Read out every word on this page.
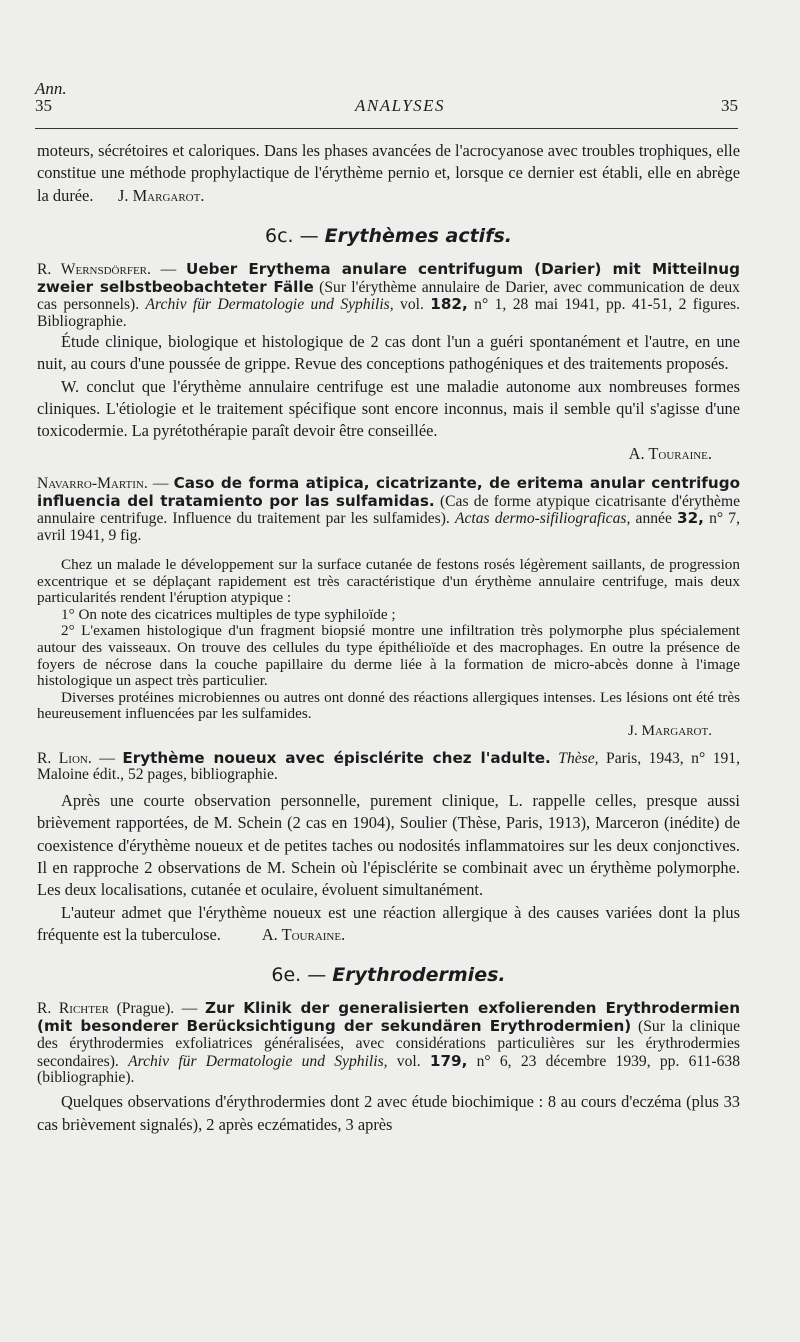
Ann.
35	ANALYSES	35

moteurs, sécrétoires et caloriques. Dans les phases avancées de l'acrocyanose avec troubles trophiques, elle constitue une méthode prophylactique de l'érythème pernio et, lorsque ce dernier est établi, elle en abrège la durée. J. Margarot.

6c. — Erythèmes actifs.

R. Wernsdörfer. — Ueber Erythema anulare centrifugum (Darier) mit Mitteilnug zweier selbstbeobachteter Fälle (Sur l'érythème annulaire de Darier, avec communication de deux cas personnels). Archiv für Dermatologie und Syphilis, vol. 182, n° 1, 28 mai 1941, pp. 41-51, 2 figures. Bibliographie.

Étude clinique, biologique et histologique de 2 cas dont l'un a guéri spontanément et l'autre, en une nuit, au cours d'une poussée de grippe. Revue des conceptions pathogéniques et des traitements proposés.

W. conclut que l'érythème annulaire centrifuge est une maladie autonome aux nombreuses formes cliniques. L'étiologie et le traitement spécifique sont encore inconnus, mais il semble qu'il s'agisse d'une toxicodermie. La pyrétothérapie paraît devoir être conseillée.

A. Touraine.

Navarro-Martin. — Caso de forma atipica, cicatrizante, de eritema anular centrifugo influencia del tratamiento por las sulfamidas. (Cas de forme atypique cicatrisante d'érythème annulaire centrifuge. Influence du traitement par les sulfamides). Actas dermo-sifiliograficas, année 32, n° 7, avril 1941, 9 fig.

Chez un malade le développement sur la surface cutanée de festons rosés légèrement saillants, de progression excentrique et se déplaçant rapidement est très caractéristique d'un érythème annulaire centrifuge, mais deux particularités rendent l'éruption atypique :

1° On note des cicatrices multiples de type syphiloïde ;

2° L'examen histologique d'un fragment biopsié montre une infiltration très polymorphe plus spécialement autour des vaisseaux. On trouve des cellules du type épithélioïde et des macrophages. En outre la présence de foyers de nécrose dans la couche papillaire du derme liée à la formation de micro-abcès donne à l'image histologique un aspect très particulier.

Diverses protéines microbiennes ou autres ont donné des réactions allergiques intenses. Les lésions ont été très heureusement influencées par les sulfamides.

J. Margarot.

R. Lion. — Erythème noueux avec épisclérite chez l'adulte. Thèse, Paris, 1943, n° 191, Maloine édit., 52 pages, bibliographie.

Après une courte observation personnelle, purement clinique, L. rappelle celles, presque aussi brièvement rapportées, de M. Schein (2 cas en 1904), Soulier (Thèse, Paris, 1913), Marceron (inédite) de coexistence d'érythème noueux et de petites taches ou nodosités inflammatoires sur les deux conjonctives. Il en rapproche 2 observations de M. Schein où l'épisclérite se combinait avec un érythème polymorphe. Les deux localisations, cutanée et oculaire, évoluent simultanément.

L'auteur admet que l'érythème noueux est une réaction allergique à des causes variées dont la plus fréquente est la tuberculose. A. Touraine.

6e. — Erythrodermies.

R. Richter (Prague). — Zur Klinik der generalisierten exfolierenden Erythrodermien (mit besonderer Berücksichtigung der sekundären Erythrodermien) (Sur la clinique des érythrodermies exfoliatrices généralisées, avec considérations particulières sur les érythrodermies secondaires). Archiv für Dermatologie und Syphilis, vol. 179, n° 6, 23 décembre 1939, pp. 611-638 (bibliographie).

Quelques observations d'érythrodermies dont 2 avec étude biochimique : 8 au cours d'eczéma (plus 33 cas brièvement signalés), 2 après eczématides, 3 après
